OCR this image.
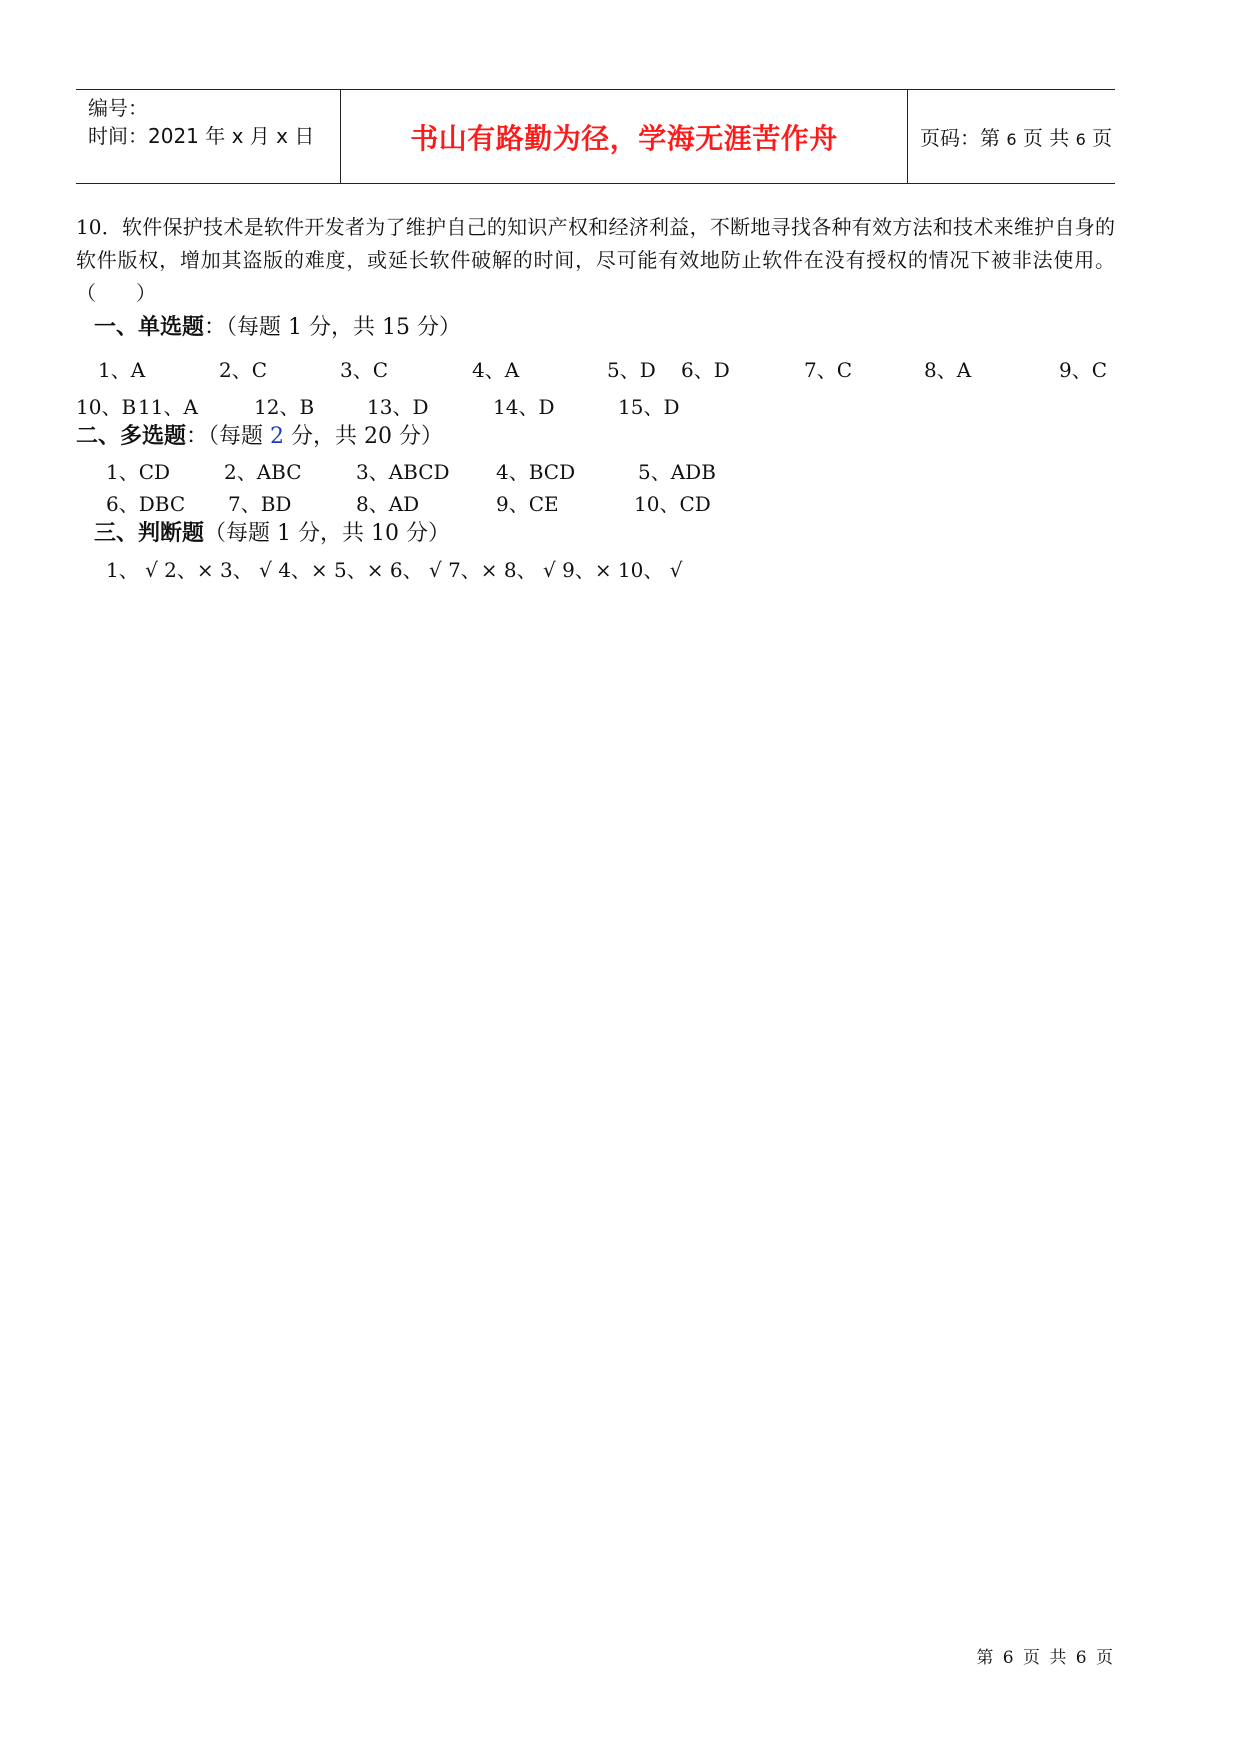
编号：
时间：2021 年 x 月 x 日	书山有路勤为径，学海无涯苦作舟	页码：第 6 页 共 6 页
10．软件保护技术是软件开发者为了维护自己的知识产权和经济利益，不断地寻找各种有效方法和技术来维护自身的软件版权，增加其盗版的难度，或延长软件破解的时间，尽可能有效地防止软件在没有授权的情况下被非法使用。（　　）
一、单选题：（每题 1 分，共 15 分）
1、A	2、C	3、C	4、A	5、D 6、D	7、C	8、A	9、C
10、B 11、A	12、B	13、D	14、D	15、D
二、多选题：（每题 2 分，共 20 分）
1、CD	2、ABC	3、ABCD 4、BCD	5、ADB
6、DBC 7、BD	8、AD	9、CE	10、CD
三、判断题（每题 1 分，共 10 分）
1、 √ 2、× 3、 √ 4、× 5、× 6、 √ 7、× 8、 √ 9、× 10、 √
第 6 页 共 6 页
